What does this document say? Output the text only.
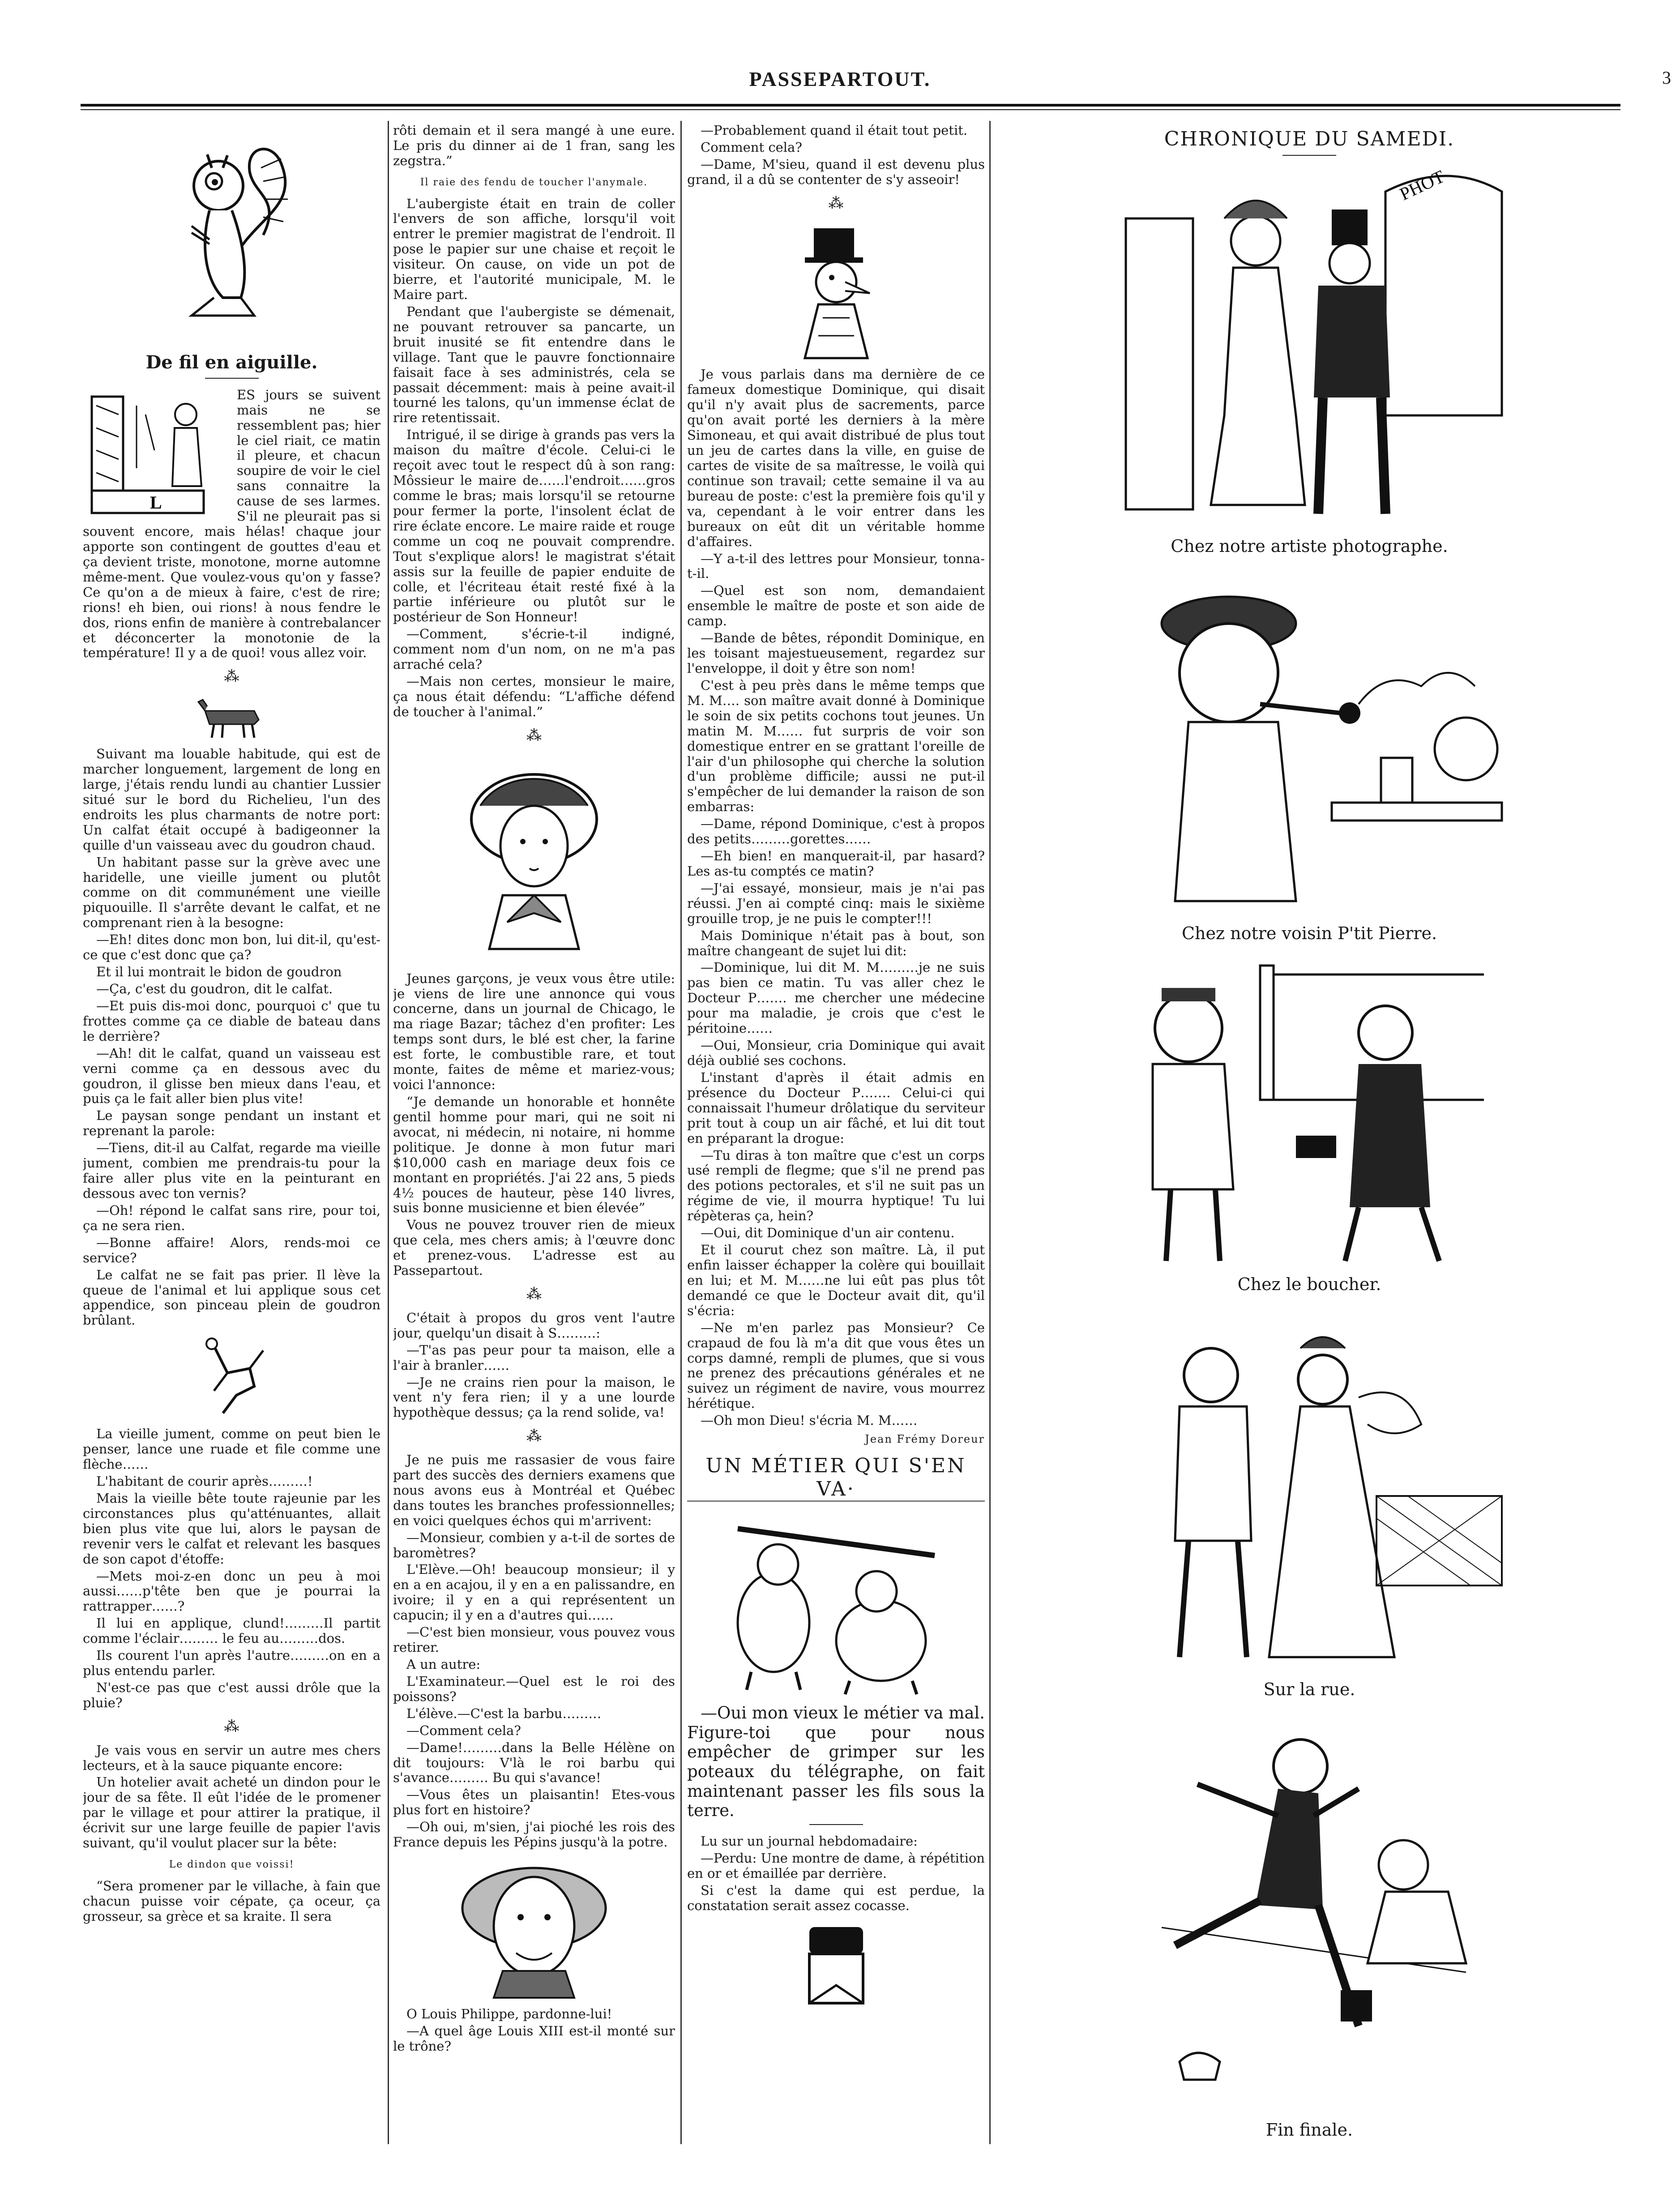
PASSEPARTOUT.	3
De fil en aiguille.
L

ES jours se suivent mais ne se ressemblent pas; hier le ciel riait, ce matin il pleure, et chacun soupire de voir le ciel sans connaitre la cause de ses larmes. S'il ne pleurait pas si souvent encore, mais hélas! chaque jour apporte son contingent de gouttes d'eau et ça devient triste, monotone, morne automne même-ment. Que voulez-vous qu'on y fasse? Ce qu'on a de mieux à faire, c'est de rire; rions! eh bien, oui rions! à nous fendre le dos, rions enfin de manière à contrebalancer et déconcerter la monotonie de la température! Il y a de quoi! vous allez voir.

⁂

Suivant ma louable habitude, qui est de marcher longuement, largement de long en large, j'étais rendu lundi au chantier Lussier situé sur le bord du Richelieu, l'un des endroits les plus charmants de notre port: Un calfat était occupé à badigeonner la quille d'un vaisseau avec du goudron chaud.

Un habitant passe sur la grève avec une haridelle, une vieille jument ou plutôt comme on dit communément une vieille piquouille. Il s'arrête devant le calfat, et ne comprenant rien à la besogne:

—Eh! dites donc mon bon, lui dit-il, qu'est-ce que c'est donc que ça?

Et il lui montrait le bidon de goudron

—Ça, c'est du goudron, dit le calfat.

—Et puis dis-moi donc, pourquoi c' que tu frottes comme ça ce diable de bateau dans le derrière?

—Ah! dit le calfat, quand un vaisseau est verni comme ça en dessous avec du goudron, il glisse ben mieux dans l'eau, et puis ça le fait aller bien plus vite!

Le paysan songe pendant un instant et reprenant la parole:

—Tiens, dit-il au Calfat, regarde ma vieille jument, combien me prendrais-tu pour la faire aller plus vite en la peinturant en dessous avec ton vernis?

—Oh! répond le calfat sans rire, pour toi, ça ne sera rien.

—Bonne affaire! Alors, rends-moi ce service?

Le calfat ne se fait pas prier. Il lève la queue de l'animal et lui applique sous cet appendice, son pinceau plein de goudron brûlant.

La vieille jument, comme on peut bien le penser, lance une ruade et file comme une flèche……

L'habitant de courir après………!

Mais la vieille bête toute rajeunie par les circonstances plus qu'atténuantes, allait bien plus vite que lui, alors le paysan de revenir vers le calfat et relevant les basques de son capot d'étoffe:

—Mets moi-z-en donc un peu à moi aussi……p'tête ben que je pourrai la rattrapper……?

Il lui en applique, clund!………Il partit comme l'éclair……… le feu au………dos.

Ils courent l'un après l'autre………on en a plus entendu parler.

N'est-ce pas que c'est aussi drôle que la pluie?

⁂

Je vais vous en servir un autre mes chers lecteurs, et à la sauce piquante encore:

Un hotelier avait acheté un dindon pour le jour de sa fête. Il eût l'idée de le promener par le village et pour attirer la pratique, il écrivit sur une large feuille de papier l'avis suivant, qu'il voulut placer sur la bête:

Le dindon que voissi!

“Sera promener par le villache, à fain que chacun puisse voir cépate, ça oceur, ça grosseur, sa grèce et sa kraite. Il sera

rôti demain et il sera mangé à une eure. Le pris du dinner ai de 1 fran, sang les zegstra.”

Il raie des fendu de toucher l'anymale.

L'aubergiste était en train de coller l'envers de son affiche, lorsqu'il voit entrer le premier magistrat de l'endroit. Il pose le papier sur une chaise et reçoit le visiteur. On cause, on vide un pot de bierre, et l'autorité municipale, M. le Maire part.

Pendant que l'aubergiste se démenait, ne pouvant retrouver sa pancarte, un bruit inusité se fit entendre dans le village. Tant que le pauvre fonctionnaire faisait face à ses administrés, cela se passait décemment: mais à peine avait-il tourné les talons, qu'un immense éclat de rire retentissait.

Intrigué, il se dirige à grands pas vers la maison du maître d'école. Celui-ci le reçoit avec tout le respect dû à son rang: Môssieur le maire de……l'endroit……gros comme le bras; mais lorsqu'il se retourne pour fermer la porte, l'insolent éclat de rire éclate encore. Le maire raide et rouge comme un coq ne pouvait comprendre. Tout s'explique alors! le magistrat s'était assis sur la feuille de papier enduite de colle, et l'écriteau était resté fixé à la partie inférieure ou plutôt sur le postérieur de Son Honneur!

—Comment, s'écrie-t-il indigné, comment nom d'un nom, on ne m'a pas arraché cela?

—Mais non certes, monsieur le maire, ça nous était défendu: “L'affiche défend de toucher à l'animal.”

⁂

Jeunes garçons, je veux vous être utile: je viens de lire une annonce qui vous concerne, dans un journal de Chicago, le ma riage Bazar; tâchez d'en profiter: Les temps sont durs, le blé est cher, la farine est forte, le combustible rare, et tout monte, faites de même et mariez-vous; voici l'annonce:

“Je demande un honorable et honnête gentil homme pour mari, qui ne soit ni avocat, ni médecin, ni notaire, ni homme politique. Je donne à mon futur mari $10,000 cash en mariage deux fois ce montant en propriétés. J'ai 22 ans, 5 pieds 4½ pouces de hauteur, pèse 140 livres, suis bonne musicienne et bien élevée”

Vous ne pouvez trouver rien de mieux que cela, mes chers amis; à l'œuvre donc et prenez-vous. L'adresse est au Passepartout.

⁂

C'était à propos du gros vent l'autre jour, quelqu'un disait à S………:

—T'as pas peur pour ta maison, elle a l'air à branler……

—Je ne crains rien pour la maison, le vent n'y fera rien; il y a une lourde hypothèque dessus; ça la rend solide, va!

⁂

Je ne puis me rassasier de vous faire part des succès des derniers examens que nous avons eus à Montréal et Québec dans toutes les branches professionnelles; en voici quelques échos qui m'arrivent:

—Monsieur, combien y a-t-il de sortes de baromètres?

L'Elève.—Oh! beaucoup monsieur; il y en a en acajou, il y en a en palissandre, en ivoire; il y en a qui représentent un capucin; il y en a d'autres qui……

—C'est bien monsieur, vous pouvez vous retirer.

A un autre:

L'Examinateur.—Quel est le roi des poissons?

L'élève.—C'est la barbu………

—Comment cela?

—Dame!………dans la Belle Hélène on dit toujours: V'là le roi barbu qui s'avance……… Bu qui s'avance!

—Vous êtes un plaisantin! Etes-vous plus fort en histoire?

—Oh oui, m'sien, j'ai pioché les rois des France depuis les Pépins jusqu'à la potre.

O Louis Philippe, pardonne-lui!

—A quel âge Louis XIII est-il monté sur le trône?

—Probablement quand il était tout petit.

Comment cela?

—Dame, M'sieu, quand il est devenu plus grand, il a dû se contenter de s'y asseoir!

⁂

Je vous parlais dans ma dernière de ce fameux domestique Dominique, qui disait qu'il n'y avait plus de sacrements, parce qu'on avait porté les derniers à la mère Simoneau, et qui avait distribué de plus tout un jeu de cartes dans la ville, en guise de cartes de visite de sa maîtresse, le voilà qui continue son travail; cette semaine il va au bureau de poste: c'est la première fois qu'il y va, cependant à le voir entrer dans les bureaux on eût dit un véritable homme d'affaires.

—Y a-t-il des lettres pour Monsieur, tonna-t-il.

—Quel est son nom, demandaient ensemble le maître de poste et son aide de camp.

—Bande de bêtes, répondit Dominique, en les toisant majestueusement, regardez sur l'enveloppe, il doit y être son nom!

C'est à peu près dans le même temps que M. M…. son maître avait donné à Dominique le soin de six petits cochons tout jeunes. Un matin M. M…… fut surpris de voir son domestique entrer en se grattant l'oreille de l'air d'un philosophe qui cherche la solution d'un problème difficile; aussi ne put-il s'empêcher de lui demander la raison de son embarras:

—Dame, répond Dominique, c'est à propos des petits………gorettes……

—Eh bien! en manquerait-il, par hasard? Les as-tu comptés ce matin?

—J'ai essayé, monsieur, mais je n'ai pas réussi. J'en ai compté cinq: mais le sixième grouille trop, je ne puis le compter!!!

Mais Dominique n'était pas à bout, son maître changeant de sujet lui dit:

—Dominique, lui dit M. M………je ne suis pas bien ce matin. Tu vas aller chez le Docteur P……. me chercher une médecine pour ma maladie, je crois que c'est le péritoine……

—Oui, Monsieur, cria Dominique qui avait déjà oublié ses cochons.

L'instant d'après il était admis en présence du Docteur P……. Celui-ci qui connaissait l'humeur drôlatique du serviteur prit tout à coup un air fâché, et lui dit tout en préparant la drogue:

—Tu diras à ton maître que c'est un corps usé rempli de flegme; que s'il ne prend pas des potions pectorales, et s'il ne suit pas un régime de vie, il mourra hyptique! Tu lui répèteras ça, hein?

—Oui, dit Dominique d'un air contenu.

Et il courut chez son maître. Là, il put enfin laisser échapper la colère qui bouillait en lui; et M. M……ne lui eût pas plus tôt demandé ce que le Docteur avait dit, qu'il s'écria:

—Ne m'en parlez pas Monsieur? Ce crapaud de fou là m'a dit que vous êtes un corps damné, rempli de plumes, que si vous ne prenez des précautions générales et ne suivez un régiment de navire, vous mourrez hérétique.

—Oh mon Dieu! s'écria M. M……

Jean Frémy Doreur
UN MÉTIER QUI S'EN VA·

—Oui mon vieux le métier va mal. Figure-toi que pour nous empêcher de grimper sur les poteaux du télégraphe, on fait maintenant passer les fils sous la terre.

Lu sur un journal hebdomadaire:

—Perdu: Une montre de dame, à répétition en or et émaillée par derrière.

Si c'est la dame qui est perdue, la constatation serait assez cocasse.

CHRONIQUE DU SAMEDI.
PHOT
Chez notre artiste photographe.
Chez notre voisin P'tit Pierre.
Chez le boucher.
Sur la rue.
Fin finale.
